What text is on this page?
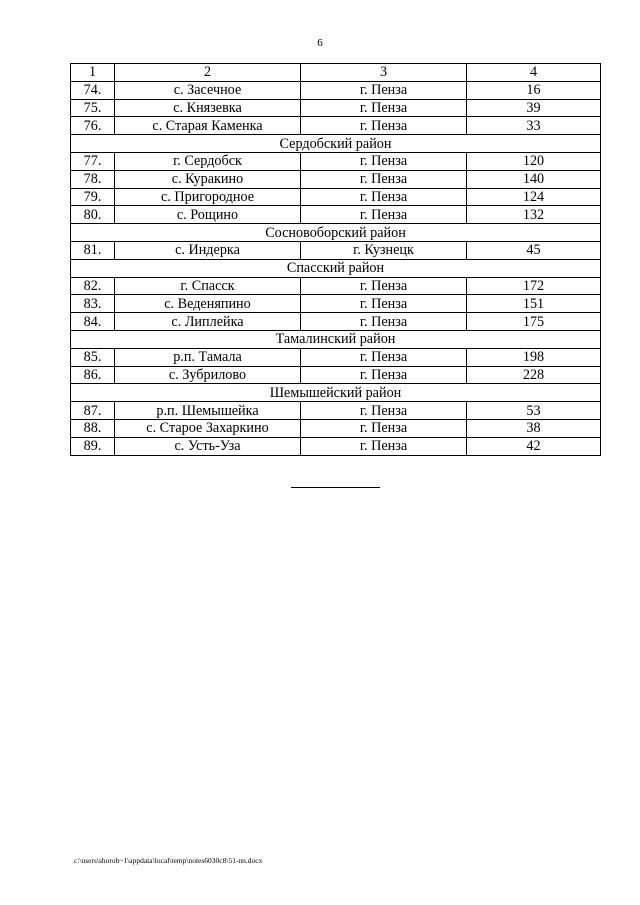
6
1	2	3	4
74.	с. Засечное	г. Пенза	16
75.	с. Князевка	г. Пенза	39
76.	с. Старая Каменка	г. Пенза	33
Сердобский район			
77.	г. Сердобск	г. Пенза	120
78.	с. Куракино	г. Пенза	140
79.	с. Пригородное	г. Пенза	124
80.	с. Рощино	г. Пенза	132
Сосновоборский район			
81.	с. Индерка	г. Кузнецк	45
Спасский район			
82.	г. Спасск	г. Пенза	172
83.	с. Веденяпино	г. Пенза	151
84.	с. Липлейка	г. Пенза	175
Тамалинский район			
85.	р.п. Тамала	г. Пенза	198
86.	с. Зубрилово	г. Пенза	228
Шемышейский район			
87.	р.п. Шемышейка	г. Пенза	53
88.	с. Старое Захаркино	г. Пенза	38
89.	с. Усть-Уза	г. Пенза	42
c:\users\shoroh~1\appdata\local\temp\notes6030c8\51-nn.docx
